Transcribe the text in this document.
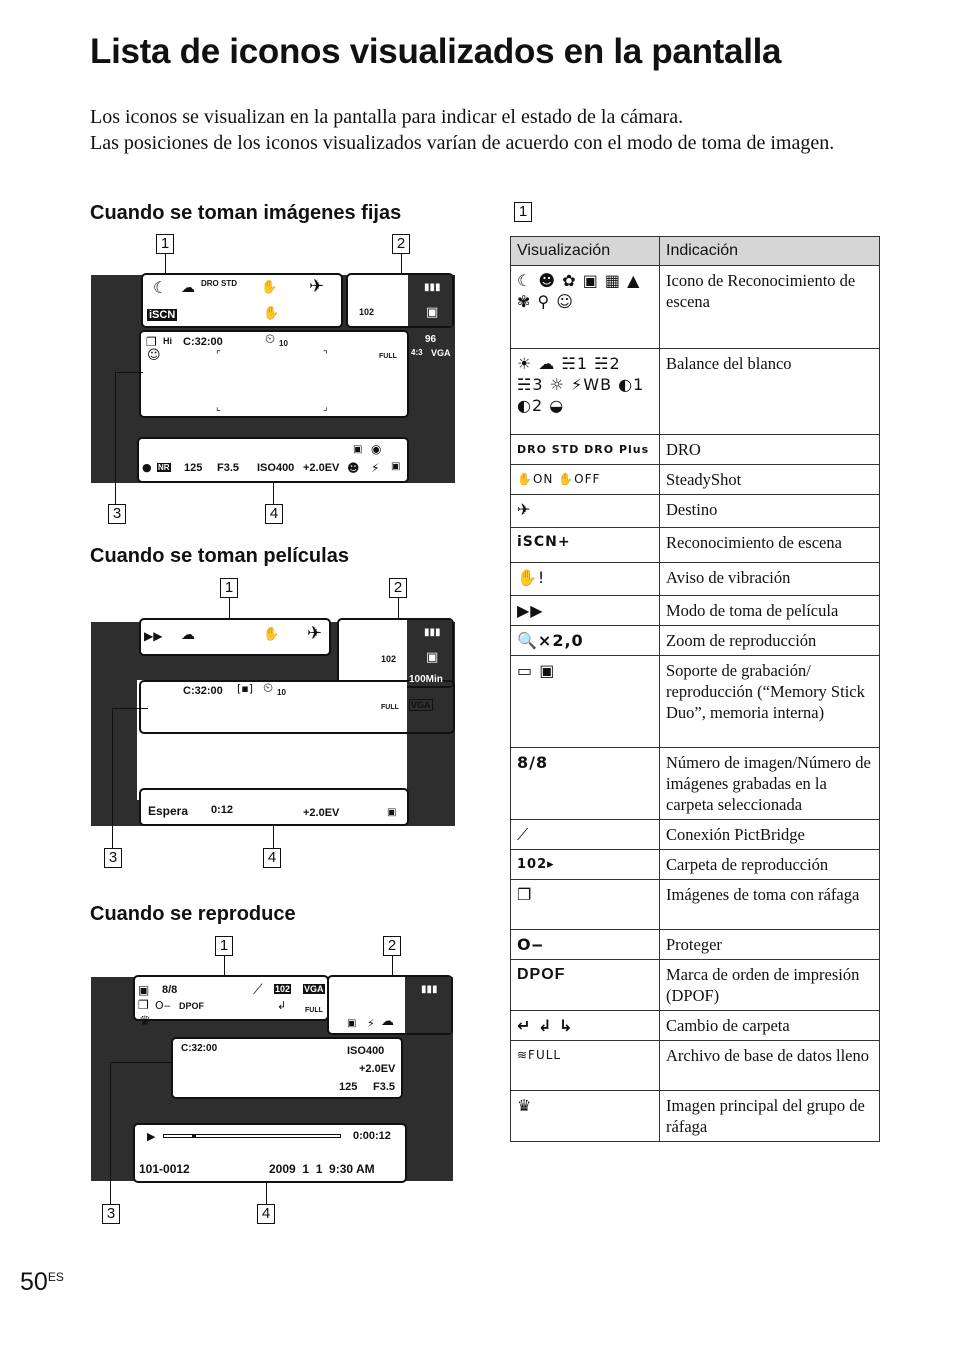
Lista de iconos visualizados en la pantalla

Los iconos se visualizan en la pantalla para indicar el estado de la cámara.

Las posiciones de los iconos visualizados varían de acuerdo con el modo de toma de imagen.

Cuando se toman imágenes fijas
1	2
☾ ☁ DRO STD ✋ ✈
iSCN	✋	102
▮▮▮
▣
❐ Hi C:32:00	⏲ 10
☺	FULL
96
4:3 VGA
⌜	⌝
⌞	⌟
▣ ◉
● NR 125 F3.5 ISO400 +2.0EV ☻ ⚡ ▣
3	4
Cuando se toman películas
1	2
▶▶ ☁	✋ ✈
102
▮▮▮
▣
100Min
C:32:00 [▪] ⏲ 10
FULL VGA
Espera 0:12	+2.0EV	▣
3	4
Cuando se reproduce
1	2
▣ 8/8	⟋ 102 VGA
❐ O‒ DPOF	↲	FULL
♛	▣ ⚡ ☁
▮▮▮
C:32:00	ISO400
+2.0EV
125 F3.5
▶	0:00:12
101-0012	2009  1  1  9:30 AM
3	4
1
Visualización	Indicación
☾ ☻ ✿ ▣ ▦ ▲ ✾ ⚲ ☺	Icono de Reconocimiento de escena
☀ ☁ ☵1 ☵2 ☵3 ☼ ⚡WB ◐1 ◐2 ◒	Balance del blanco
DRO STD DRO Plus	DRO
✋ON ✋OFF	SteadyShot
✈	Destino
iSCN+	Reconocimiento de escena
✋!	Aviso de vibración
▶▶	Modo de toma de película
🔍×2,0	Zoom de reproducción
▭ ▣	Soporte de grabación/ reproducción (“Memory Stick Duo”, memoria interna)
8/8	Número de imagen/Número de imágenes grabadas en la carpeta seleccionada
⟋	Conexión PictBridge
102▸	Carpeta de reproducción
❐	Imágenes de toma con ráfaga
O‒	Proteger
DPOF	Marca de orden de impresión (DPOF)
↵ ↲ ↳	Cambio de carpeta
≋FULL	Archivo de base de datos lleno
♛	Imagen principal del grupo de ráfaga
$50^{ES}$
